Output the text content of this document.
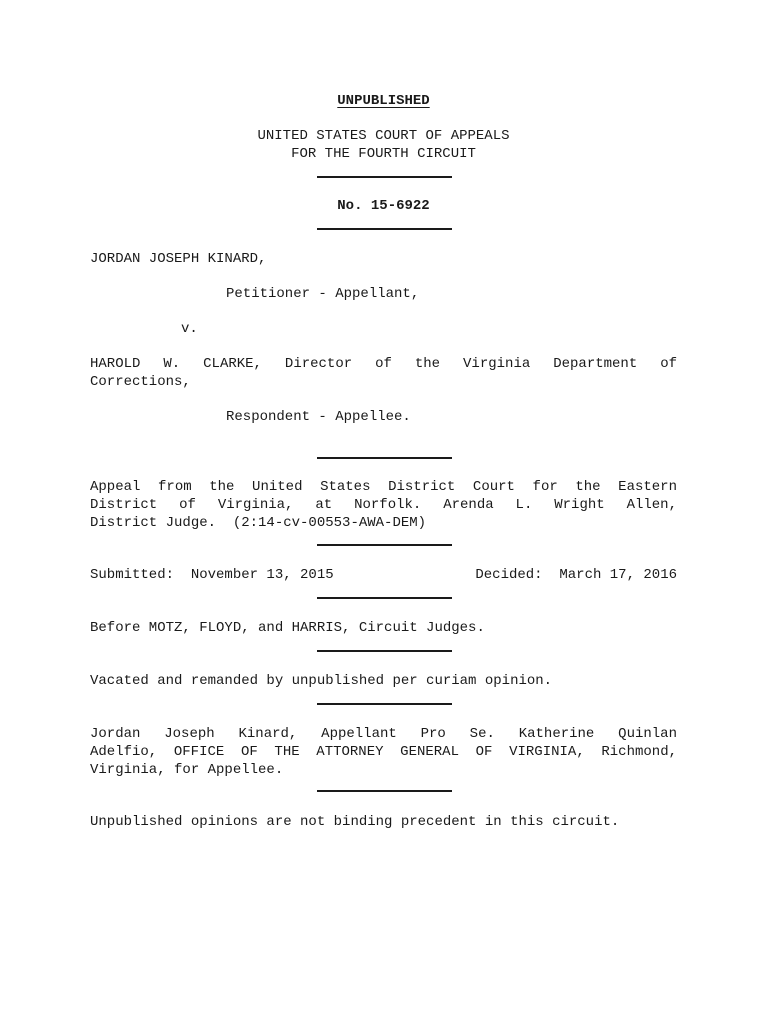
UNPUBLISHED
UNITED STATES COURT OF APPEALS
FOR THE FOURTH CIRCUIT
No. 15-6922
JORDAN JOSEPH KINARD,
Petitioner - Appellant,
v.
HAROLD W. CLARKE, Director of the Virginia Department of
Corrections,
Respondent - Appellee.
Appeal from the United States District Court for the Eastern
District of Virginia, at Norfolk. Arenda L. Wright Allen,
District Judge.  (2:14-cv-00553-AWA-DEM)
Submitted:  November 13, 2015	Decided:  March 17, 2016
Before MOTZ, FLOYD, and HARRIS, Circuit Judges.
Vacated and remanded by unpublished per curiam opinion.
Jordan Joseph Kinard, Appellant Pro Se. Katherine Quinlan
Adelfio, OFFICE OF THE ATTORNEY GENERAL OF VIRGINIA, Richmond,
Virginia, for Appellee.
Unpublished opinions are not binding precedent in this circuit.
